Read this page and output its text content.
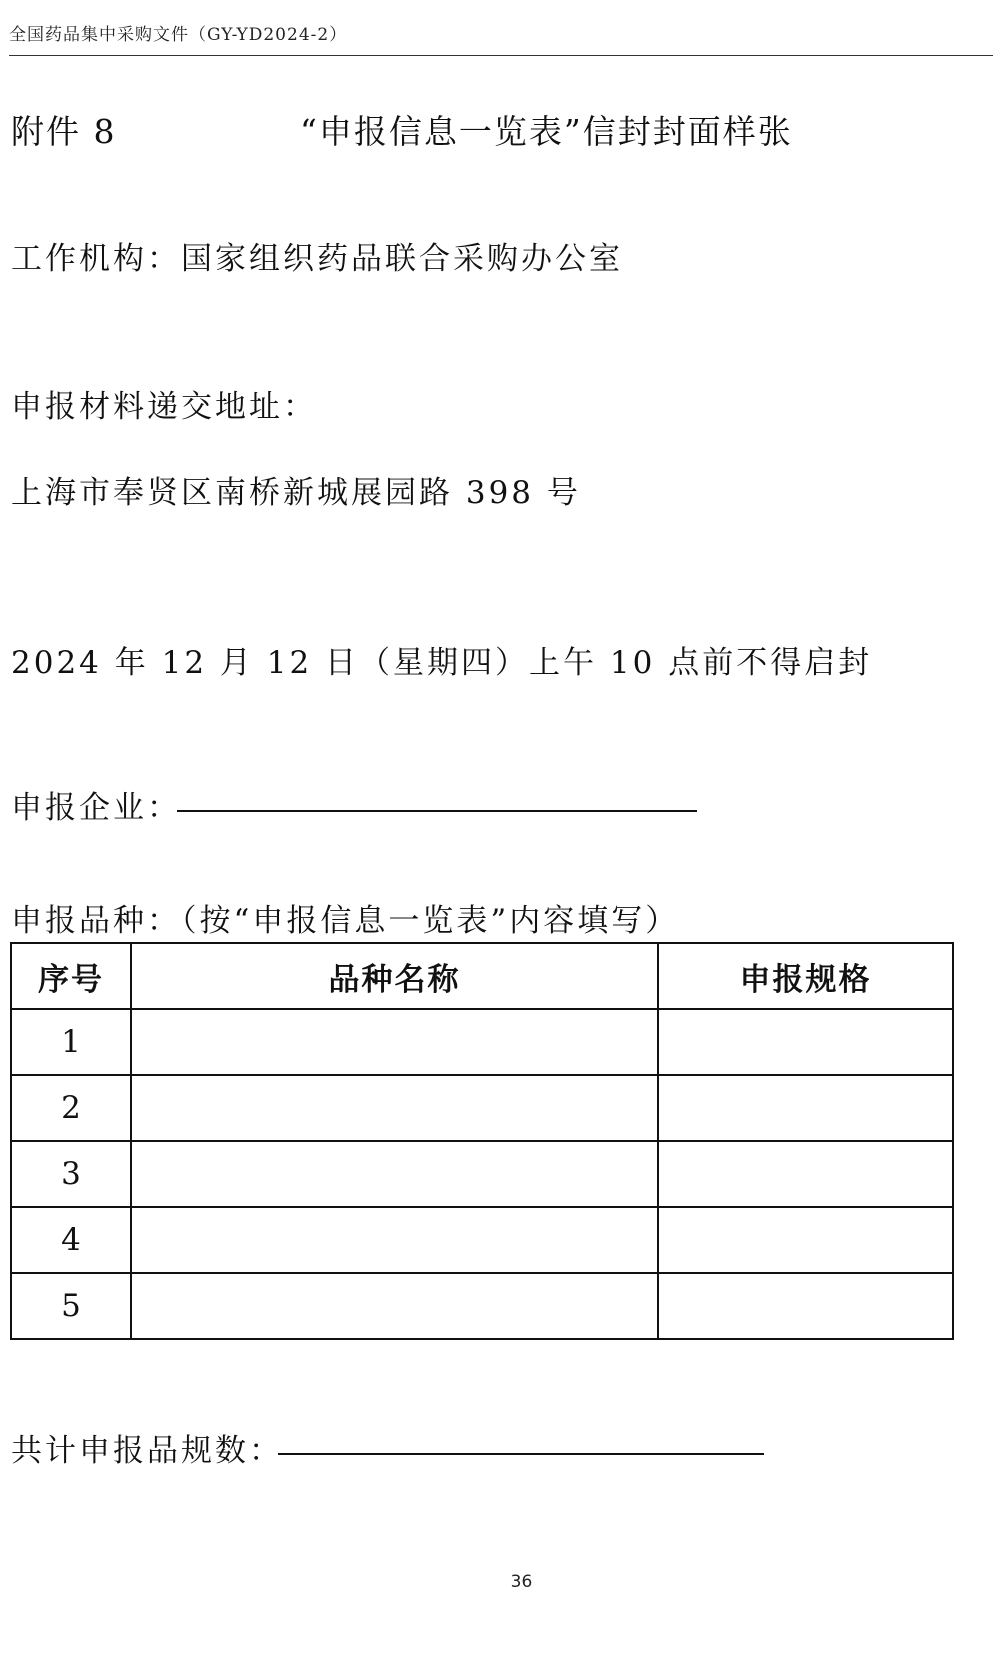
全国药品集中采购文件（GY-YD2024-2）
附件 8	“申报信息一览表”信封封面样张
工作机构：国家组织药品联合采购办公室
申报材料递交地址：
上海市奉贤区南桥新城展园路 398 号
2024 年 12 月 12 日（星期四）上午 10 点前不得启封
申报企业：
申报品种：（按“申报信息一览表”内容填写）
序号	品种名称	申报规格
1		
2		
3		
4		
5		
共计申报品规数：
36
